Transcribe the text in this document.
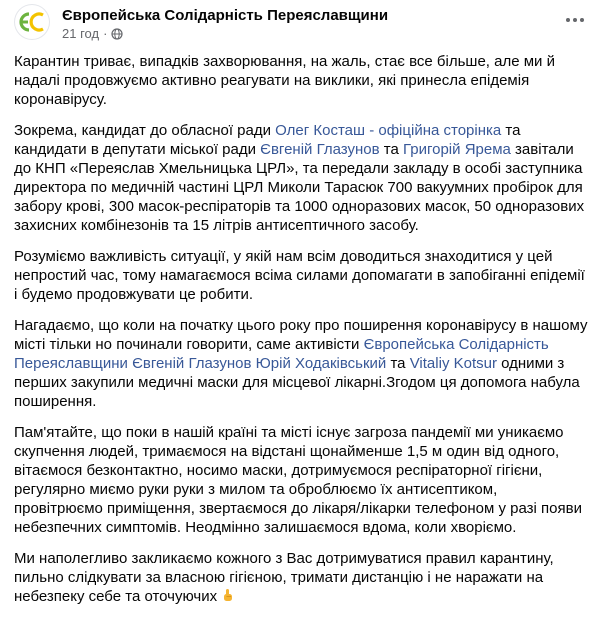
Європейська Солідарність Переяславщини
21 год ·

Карантин триває, випадків захворювання, на жаль, стає все більше, але ми й надалі продовжуємо активно реагувати на виклики, які принесла епідемія коронавірусу.

Зокрема, кандидат до обласної ради Олег Косташ - офіційна сторінка та кандидати в депутати міської ради Євгеній Глазунов та Григорій Ярема завітали до КНП «Переяслав Хмельницька ЦРЛ», та передали закладу в особі заступника директора по медичній частині ЦРЛ Миколи Тарасюк 700 вакуумних пробірок для забору крові, 300 масок-респіраторів та 1000 одноразових масок, 50 одноразових захисних комбінезонів та 15 літрів антисептичного засобу.

Розуміємо важливість ситуації, у якій нам всім доводиться знаходитися у цей непростий час, тому намагаємося всіма силами допомагати в запобіганні епідемії і будемо продовжувати це робити.

Нагадаємо, що коли на початку цього року про поширення коронавірусу в нашому місті тільки но починали говорити, саме активісти Європейська Солідарність Переяславщини Євгеній Глазунов Юрій Ходаківський та Vitaliy Kotsur одними з перших закупили медичні маски для місцевої лікарні.Згодом ця допомога набула поширення.

Пам'ятайте, що поки в нашій країні та місті існує загроза пандемії ми уникаємо скупчення людей, тримаємося на відстані щонайменше 1,5 м один від одного, вітаємося безконтактно, носимо маски, дотримуємося респіраторної гігієни, регулярно миємо руки руки з милом та оброблюємо їх антисептиком, провітрюємо приміщення, звертаємося до лікаря/лікарки телефоном у разі появи небезпечних симптомів. Неодмінно залишаємося вдома, коли хворіємо.

Ми наполегливо закликаємо кожного з Вас дотримуватися правил карантину, пильно слідкувати за власною гігієною, тримати дистанцію і не наражати на небезпеку себе та оточуючих
